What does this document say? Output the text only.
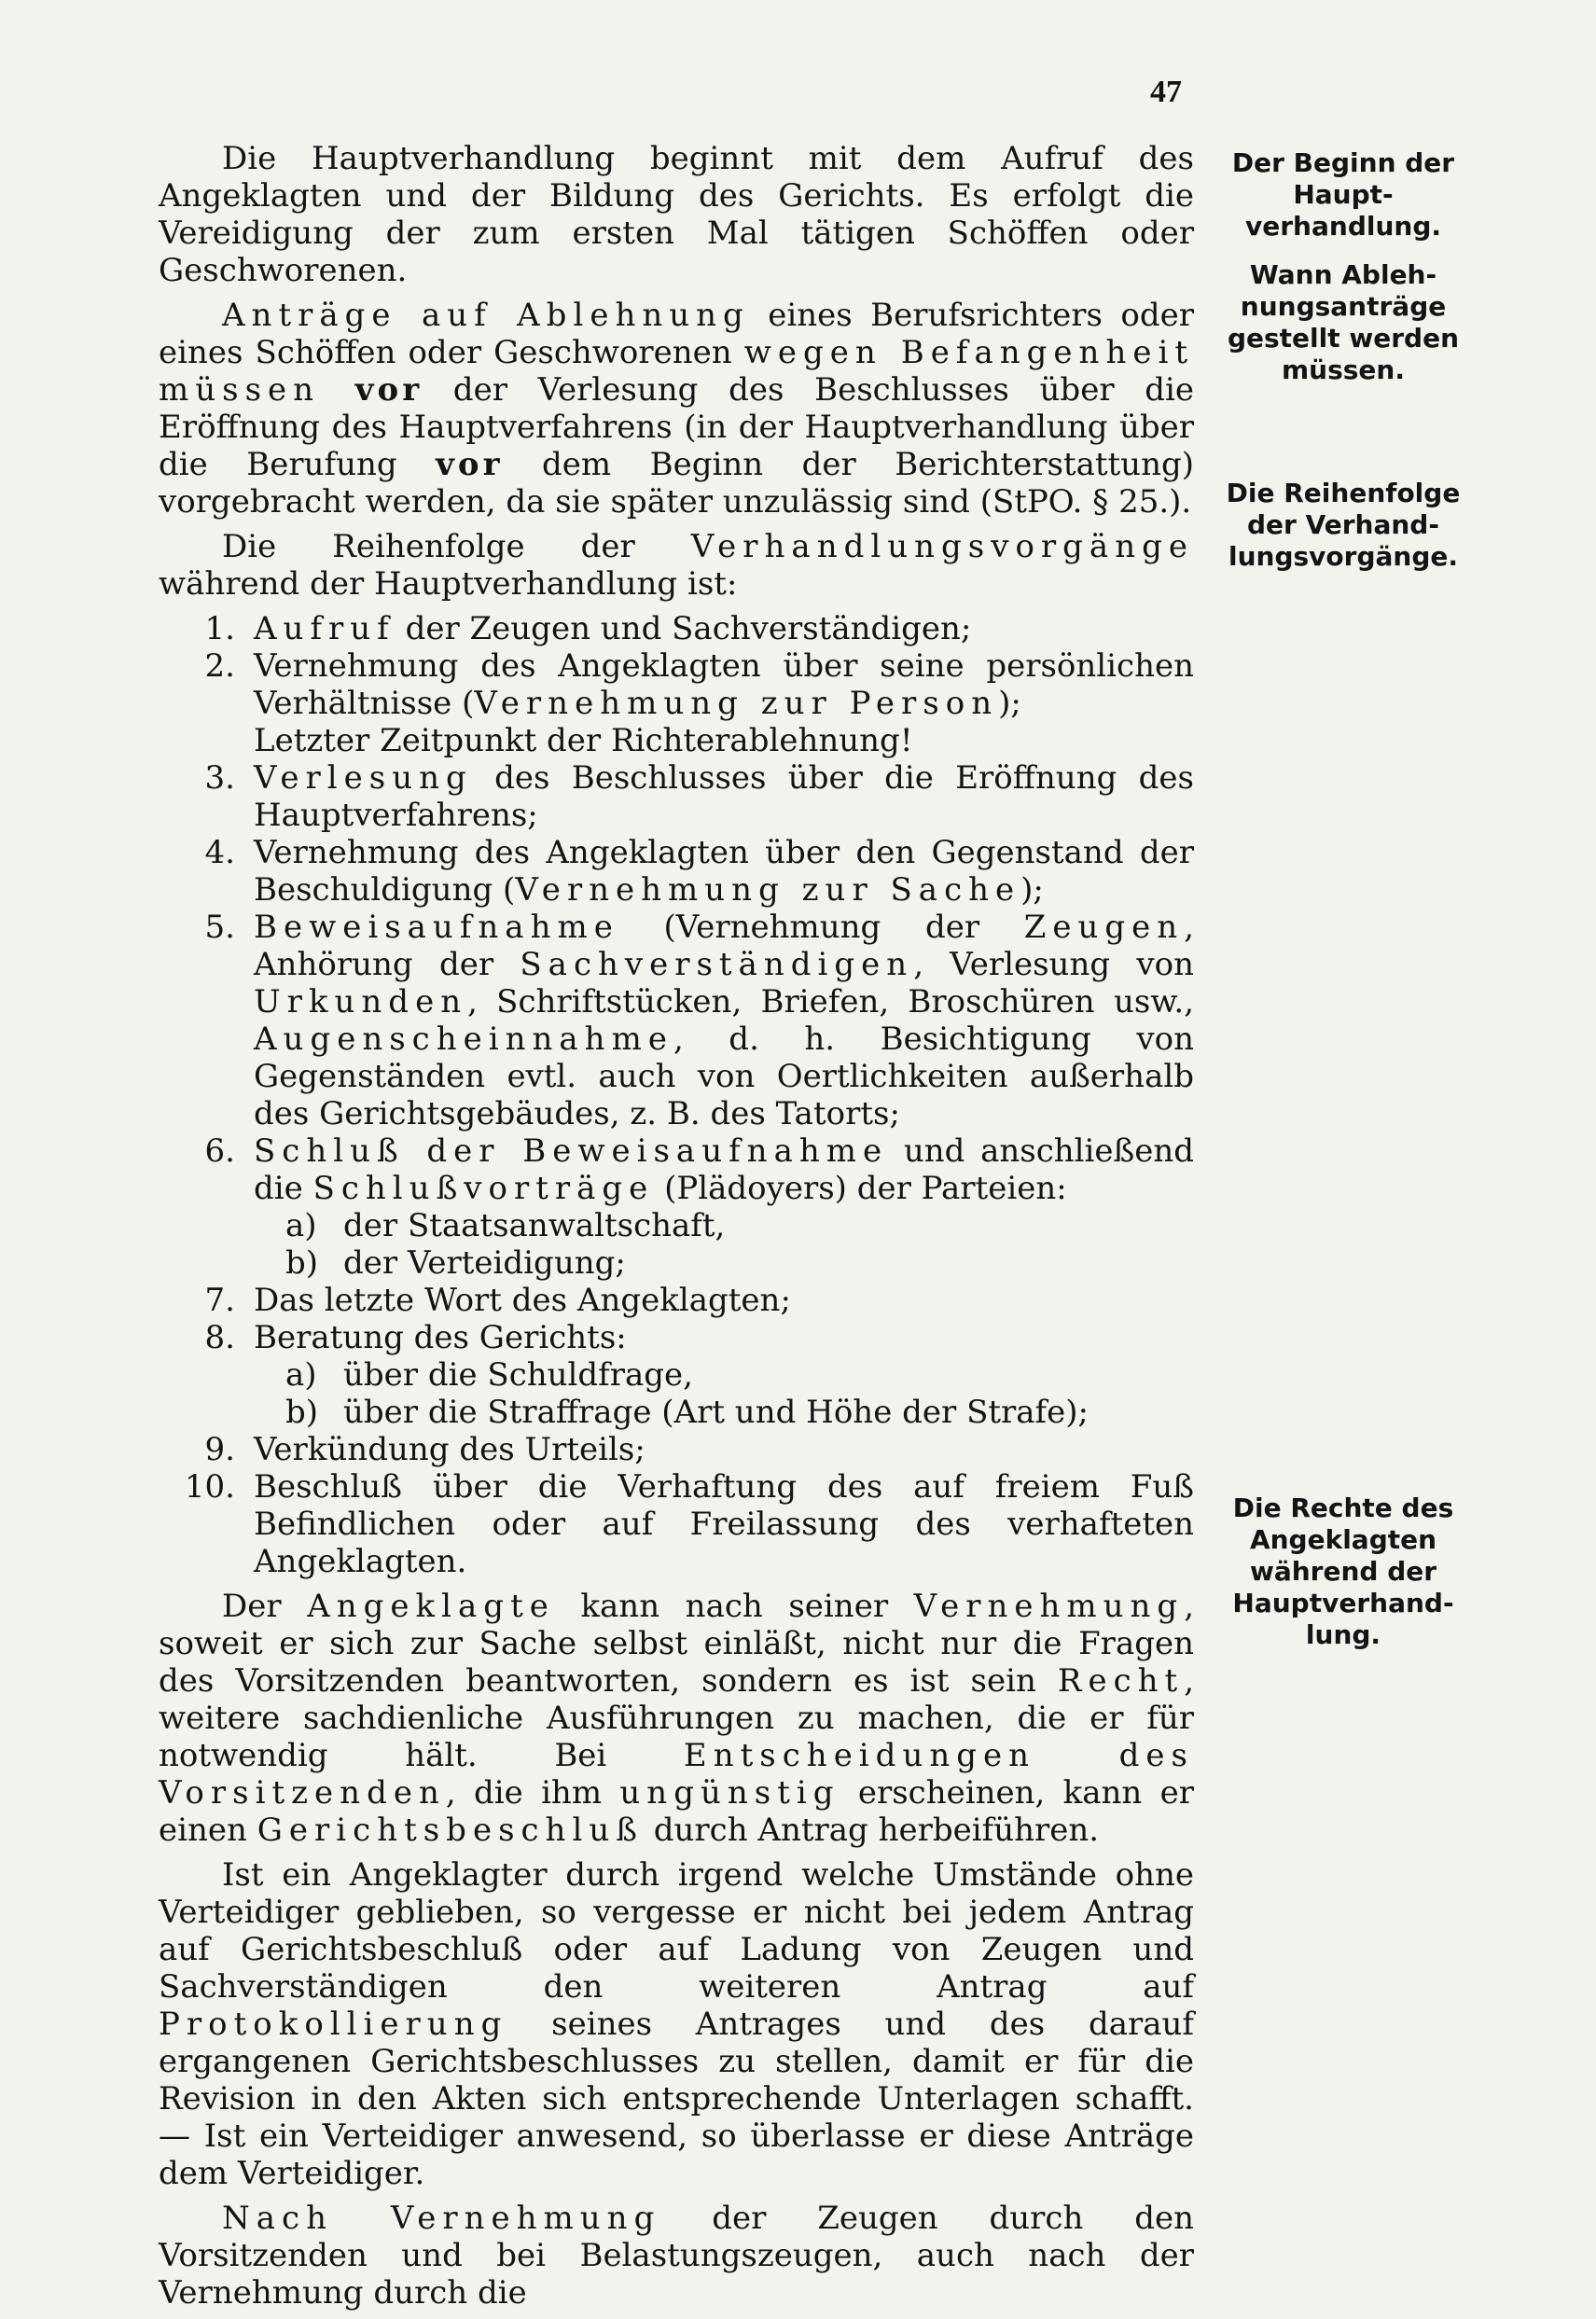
47
Der Beginn der Haupt-verhandlung.
Wann Ableh-nungsanträge gestellt werden müssen.
Die Reihenfolge der Verhand-lungsvorgänge.
Die Rechte des Angeklagten während der Hauptverhand-lung.

Die Hauptverhandlung beginnt mit dem Aufruf des Angeklagten und der Bildung des Gerichts. Es erfolgt die Vereidigung der zum ersten Mal tätigen Schöffen oder Geschworenen.

Anträge auf Ablehnung eines Berufsrichters oder eines Schöffen oder Geschworenen wegen Befangenheit müssen vor der Verlesung des Beschlusses über die Eröffnung des Hauptverfahrens (in der Hauptverhandlung über die Berufung vor dem Beginn der Berichterstattung) vorgebracht werden, da sie später unzulässig sind (StPO. § 25.).

Die Reihenfolge der Verhandlungsvorgänge während der Hauptverhandlung ist:

1. Aufruf der Zeugen und Sachverständigen;
2. Vernehmung des Angeklagten über seine persönlichen Verhältnisse (Vernehmung zur Person);
Letzter Zeitpunkt der Richterablehnung!
3. Verlesung des Beschlusses über die Eröffnung des Hauptverfahrens;
4. Vernehmung des Angeklagten über den Gegenstand der Beschuldigung (Vernehmung zur Sache);
5. Beweisaufnahme (Vernehmung der Zeugen, Anhörung der Sachverständigen, Verlesung von Urkunden, Schriftstücken, Briefen, Broschüren usw., Augenscheinnahme, d. h. Besichtigung von Gegenständen evtl. auch von Oertlichkeiten außerhalb des Gerichtsgebäudes, z. B. des Tatorts;
6. Schluß der Beweisaufnahme und anschließend die Schlußvorträge (Plädoyers) der Parteien:
a) der Staatsanwaltschaft,
b) der Verteidigung;
7. Das letzte Wort des Angeklagten;
8. Beratung des Gerichts:
a) über die Schuldfrage,
b) über die Straffrage (Art und Höhe der Strafe);
9. Verkündung des Urteils;
10. Beschluß über die Verhaftung des auf freiem Fuß Befindlichen oder auf Freilassung des verhafteten Angeklagten.

Der Angeklagte kann nach seiner Vernehmung, soweit er sich zur Sache selbst einläßt, nicht nur die Fragen des Vorsitzenden beantworten, sondern es ist sein Recht, weitere sachdienliche Ausführungen zu machen, die er für notwendig hält. Bei Entscheidungen des Vorsitzenden, die ihm ungünstig erscheinen, kann er einen Gerichtsbeschluß durch Antrag herbeiführen.

Ist ein Angeklagter durch irgend welche Umstände ohne Verteidiger geblieben, so vergesse er nicht bei jedem Antrag auf Gerichtsbeschluß oder auf Ladung von Zeugen und Sachverständigen den weiteren Antrag auf Protokollierung seines Antrages und des darauf ergangenen Gerichtsbeschlusses zu stellen, damit er für die Revision in den Akten sich entsprechende Unterlagen schafft. — Ist ein Verteidiger anwesend, so überlasse er diese Anträge dem Verteidiger.

Nach Vernehmung der Zeugen durch den Vorsitzenden und bei Belastungszeugen, auch nach der Vernehmung durch die
